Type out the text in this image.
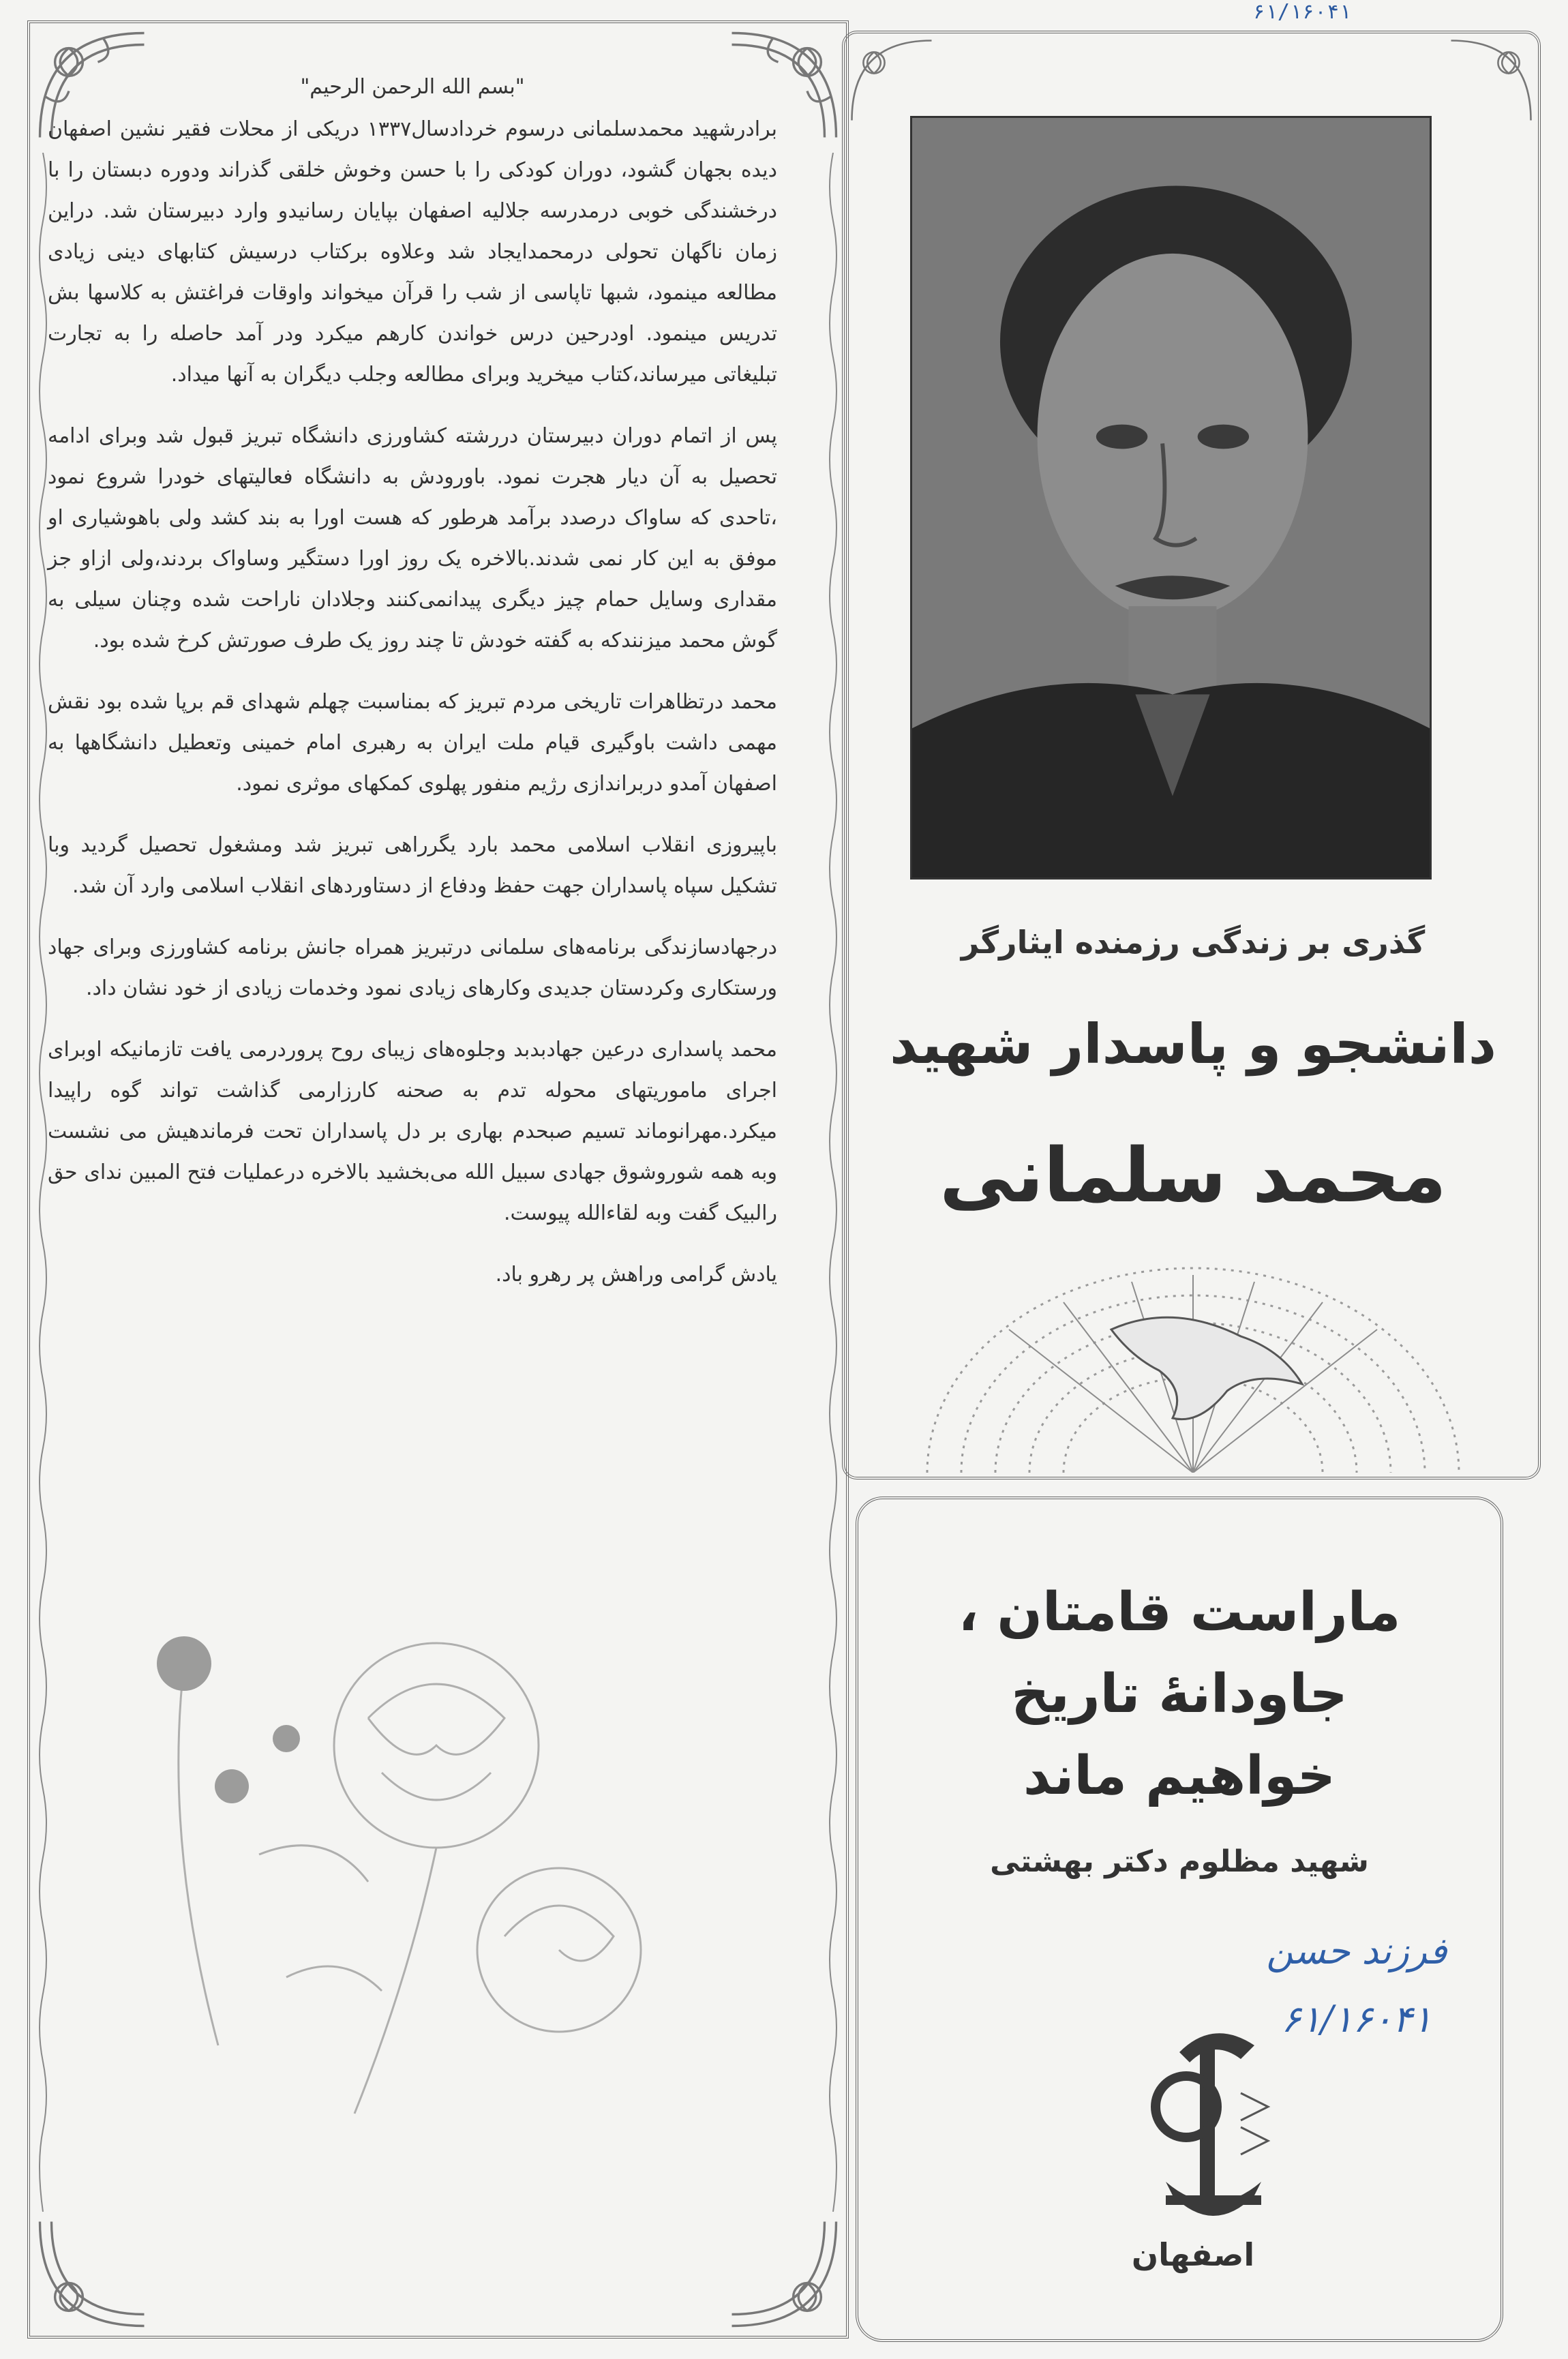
۶۱/۱۶۰۴۱
"بسم الله الرحمن الرحیم"

برادرشهید محمدسلمانی درسوم خردادسال۱۳۳۷ دریکی از محلات فقیر نشین اصفهان دیده بجهان گشود، دوران کودکی را با حسن وخوش خلقی گذراند ودوره دبستان را با درخشندگی خوبی درمدرسه جلالیه اصفهان بپایان رسانیدو وارد دبیرستان شد. دراین زمان ناگهان تحولی درمحمدایجاد شد وعلاوه برکتاب درسیش کتابهای دینی زیادی مطالعه مینمود، شبها تاپاسی از شب را قرآن میخواند واوقات فراغتش به کلاسها بش تدریس مینمود. اودرحین درس خواندن کارهم میکرد ودر آمد حاصله را به تجارت تبلیغاتی میرساند،کتاب میخرید وبرای مطالعه وجلب دیگران به آنها میداد.

پس از اتمام دوران دبیرستان دررشته کشاورزی دانشگاه تبریز قبول شد وبرای ادامه تحصیل به آن دیار هجرت نمود. باورودش به دانشگاه فعالیتهای خودرا شروع نمود ،تاحدی که ساواک درصدد برآمد هرطور که هست اورا به بند کشد ولی باهوشیاری او موفق به این کار نمی شدند.بالاخره یک روز اورا دستگیر وساواک بردند،ولی ازاو جز مقداری وسایل حمام چیز دیگری پیدانمی‌کنند وجلادان ناراحت شده وچنان سیلی به گوش محمد میزنندکه به گفته خودش تا چند روز یک طرف صورتش کرخ شده بود.

محمد درتظاهرات تاریخی مردم تبریز که بمناسبت چهلم شهدای قم برپا شده بود نقش مهمی داشت باوگیری قیام ملت ایران به رهبری امام خمینی وتعطیل دانشگاهها به اصفهان آمدو دربراندازی رژیم منفور پهلوی کمکهای موثری نمود.

باپیروزی انقلاب اسلامی محمد بارد یگرراهی تبریز شد ومشغول تحصیل گردید وبا تشکیل سپاه پاسداران جهت حفظ ودفاع از دستاوردهای انقلاب اسلامی وارد آن شد.

درجهادسازندگی برنامه‌های سلمانی درتبریز همراه جانش برنامه کشاورزی وبرای جهاد ورستکاری وکردستان جدیدی وکارهای زیادی نمود وخدمات زیادی از خود نشان داد.

محمد پاسداری درعین جهادبدبد وجلوه‌های زیبای روح پروردرمی یافت تازمانیکه اوبرای اجرای ماموریتهای محوله تدم به صحنه کارزارمی گذاشت تواند گوه راپیدا میکرد.مهرانوماند تسیم صبحدم بهاری بر دل پاسداران تحت فرماندهیش می نشست وبه همه شوروشوق جهادی سبیل الله می‌بخشید بالاخره درعملیات فتح المبین ندای حق رالبیک گفت وبه لقاءالله پیوست.

یادش گرامی وراهش پر رهرو باد.

گذری بر زندگی رزمنده ایثارگر
دانشجو و پاسدار شهید
محمد سلمانی
ماراست قامتان ،
جاودانهٔ تاریخ
خواهیم ماند
شهید مظلوم دکتر بهشتی
فرزند حسن
۶۱/۱۶۰۴۱
اصفهان
